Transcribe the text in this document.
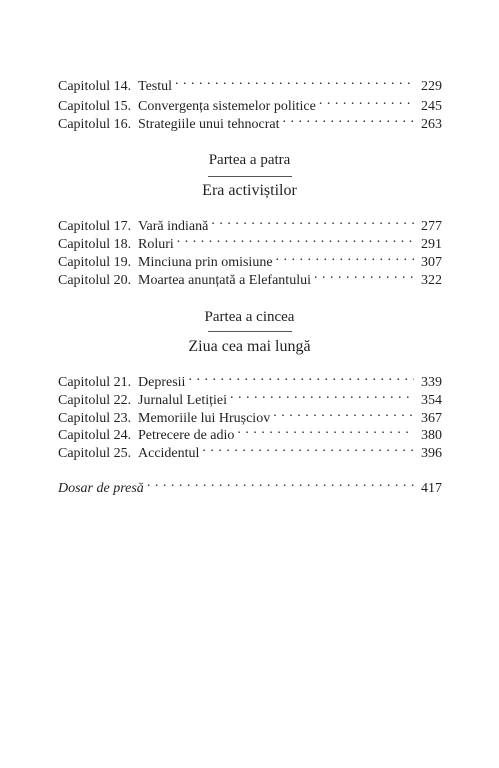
Capitolul 14. Testul . . .	229
Capitolul 15. Convergența sistemelor politice . . .	245
Capitolul 16. Strategiile unui tehnocrat . . .	263
Partea a patra
Era activiștilor
Capitolul 17. Vară indiană . . .	277
Capitolul 18. Roluri . . .	291
Capitolul 19. Minciuna prin omisiune . . .	307
Capitolul 20. Moartea anunțată a Elefantului . . .	322
Partea a cincea
Ziua cea mai lungă
Capitolul 21. Depresii . . .	339
Capitolul 22. Jurnalul Letiției . . .	354
Capitolul 23. Memoriile lui Hrușciov . . .	367
Capitolul 24. Petrecere de adio . . .	380
Capitolul 25. Accidentul . . .	396
Dosar de presă . . .	417
